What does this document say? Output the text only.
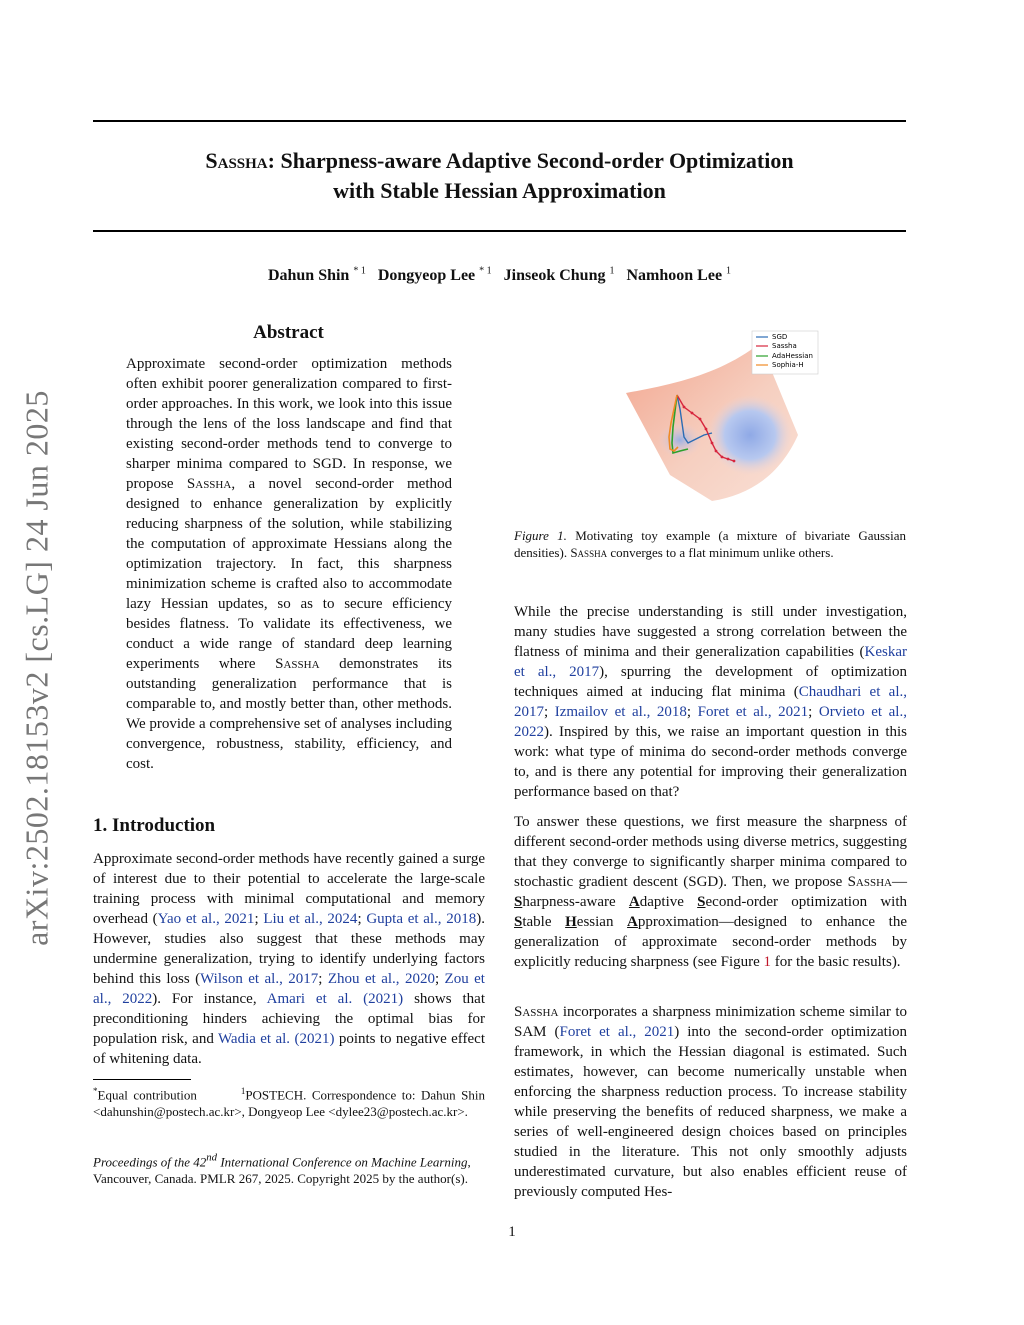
Sassha: Sharpness-aware Adaptive Second-order Optimization
with Stable Hessian Approximation
Dahun Shin $^{* 1}$ Dongyeop Lee $^{* 1}$ Jinseok Chung $^1$ Namhoon Lee $^1$
arXiv:2502.18153v2 [cs.LG] 24 Jun 2025
Abstract

Approximate second-order optimization methods often exhibit poorer generalization compared to first-order approaches. In this work, we look into this issue through the lens of the loss landscape and find that existing second-order methods tend to converge to sharper minima compared to SGD. In response, we propose Sassha, a novel second-order method designed to enhance generalization by explicitly reducing sharpness of the solution, while stabilizing the computation of approximate Hessians along the optimization trajectory. In fact, this sharpness minimization scheme is crafted also to accommodate lazy Hessian updates, so as to secure efficiency besides flatness. To validate its effectiveness, we conduct a wide range of standard deep learning experiments where Sassha demonstrates its outstanding generalization performance that is comparable to, and mostly better than, other methods. We provide a comprehensive set of analyses including convergence, robustness, stability, efficiency, and cost.

1. Introduction

Approximate second-order methods have recently gained a surge of interest due to their potential to accelerate the large-scale training process with minimal computational and memory overhead (Yao et al., 2021; Liu et al., 2024; Gupta et al., 2018). However, studies also suggest that these methods may undermine generalization, trying to identify underlying factors behind this loss (Wilson et al., 2017; Zhou et al., 2020; Zou et al., 2022). For instance, Amari et al. (2021) shows that preconditioning hinders achieving the optimal bias for population risk, and Wadia et al. (2021) points to negative effect of whitening data.

*Equal contribution	$^1$POSTECH. Correspondence to: Dahun Shin <dahunshin@postech.ac.kr>, Dongyeop Lee <dylee23@postech.ac.kr>.

Proceedings of the 42nd International Conference on Machine Learning, Vancouver, Canada. PMLR 267, 2025. Copyright 2025 by the author(s).

SGD
Sassha
AdaHessian
Sophia-H

Figure 1. Motivating toy example (a mixture of bivariate Gaussian densities). Sassha converges to a flat minimum unlike others.

While the precise understanding is still under investigation, many studies have suggested a strong correlation between the flatness of minima and their generalization capabilities (Keskar et al., 2017), spurring the development of optimization techniques aimed at inducing flat minima (Chaudhari et al., 2017; Izmailov et al., 2018; Foret et al., 2021; Orvieto et al., 2022). Inspired by this, we raise an important question in this work: what type of minima do second-order methods converge to, and is there any potential for improving their generalization performance based on that?

To answer these questions, we first measure the sharpness of different second-order methods using diverse metrics, suggesting that they converge to significantly sharper minima compared to stochastic gradient descent (SGD). Then, we propose Sassha—Sharpness-aware Adaptive Second-order optimization with Stable Hessian Approximation—designed to enhance the generalization of approximate second-order methods by explicitly reducing sharpness (see Figure 1 for the basic results).

Sassha incorporates a sharpness minimization scheme similar to SAM (Foret et al., 2021) into the second-order optimization framework, in which the Hessian diagonal is estimated. Such estimates, however, can become numerically unstable when enforcing the sharpness reduction process. To increase stability while preserving the benefits of reduced sharpness, we make a series of well-engineered design choices based on principles studied in the literature. This not only smoothly adjusts underestimated curvature, but also enables efficient reuse of previously computed Hes-

1
